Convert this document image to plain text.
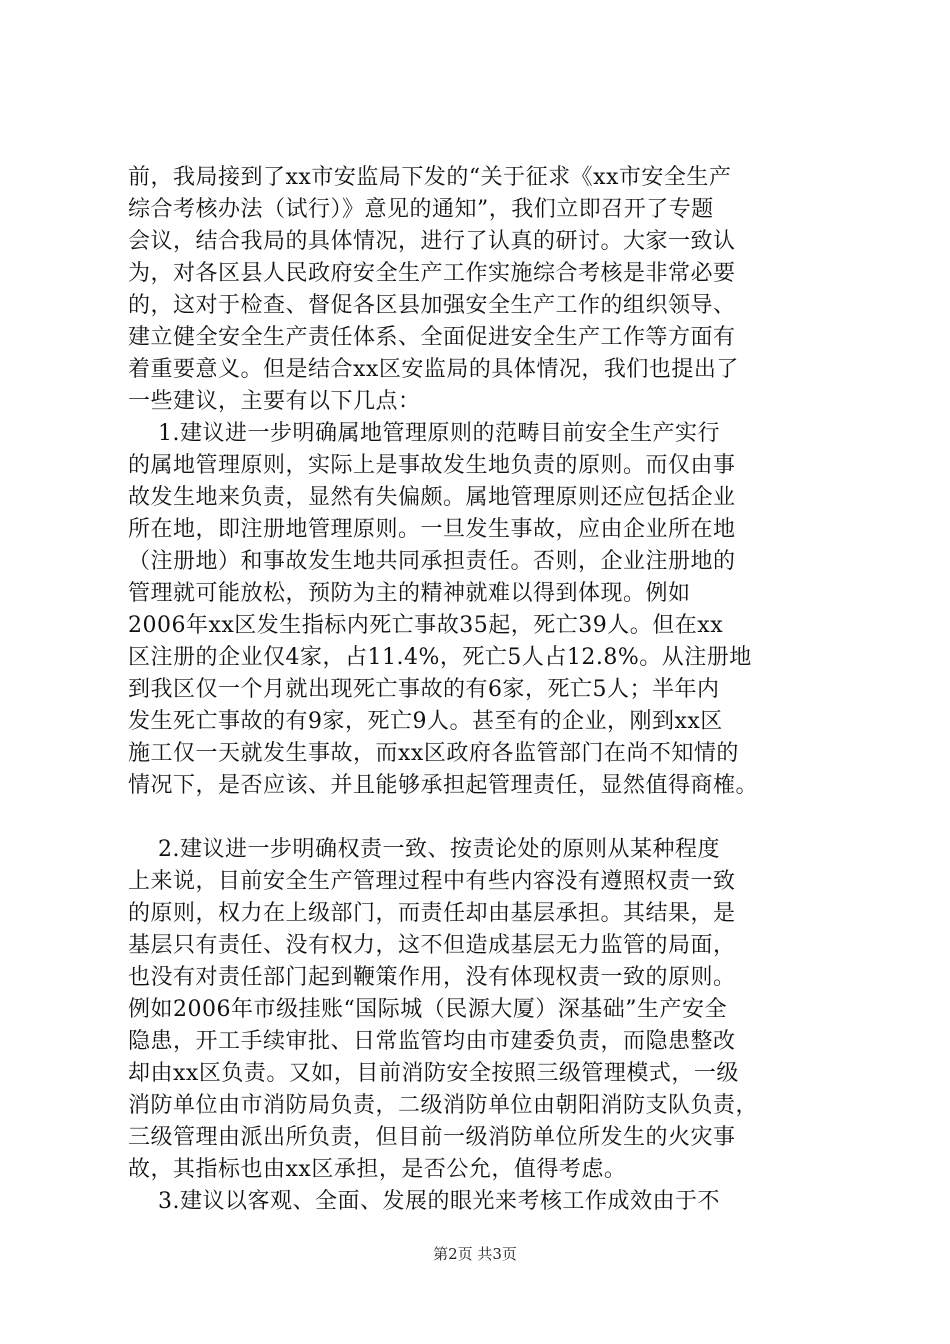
前，我局接到了xx市安监局下发的“关于征求《xx市安全生产
综合考核办法（试行）》意见的通知”，我们立即召开了专题
会议，结合我局的具体情况，进行了认真的研讨。大家一致认
为，对各区县人民政府安全生产工作实施综合考核是非常必要
的，这对于检查、督促各区县加强安全生产工作的组织领导、
建立健全安全生产责任体系、全面促进安全生产工作等方面有
着重要意义。但是结合xx区安监局的具体情况，我们也提出了
一些建议，主要有以下几点：
1.建议进一步明确属地管理原则的范畴目前安全生产实行
的属地管理原则，实际上是事故发生地负责的原则。而仅由事
故发生地来负责，显然有失偏颇。属地管理原则还应包括企业
所在地，即注册地管理原则。一旦发生事故，应由企业所在地
（注册地）和事故发生地共同承担责任。否则，企业注册地的
管理就可能放松，预防为主的精神就难以得到体现。例如
2006年xx区发生指标内死亡事故35起，死亡39人。但在xx
区注册的企业仅4家，占11.4%，死亡5人占12.8%。从注册地
到我区仅一个月就出现死亡事故的有6家，死亡5人；半年内
发生死亡事故的有9家，死亡9人。甚至有的企业，刚到xx区
施工仅一天就发生事故，而xx区政府各监管部门在尚不知情的
情况下，是否应该、并且能够承担起管理责任，显然值得商榷。
2.建议进一步明确权责一致、按责论处的原则从某种程度
上来说，目前安全生产管理过程中有些内容没有遵照权责一致
的原则，权力在上级部门，而责任却由基层承担。其结果，是
基层只有责任、没有权力，这不但造成基层无力监管的局面，
也没有对责任部门起到鞭策作用，没有体现权责一致的原则。
例如2006年市级挂账“国际城（民源大厦）深基础”生产安全
隐患，开工手续审批、日常监管均由市建委负责，而隐患整改
却由xx区负责。又如，目前消防安全按照三级管理模式，一级
消防单位由市消防局负责，二级消防单位由朝阳消防支队负责，
三级管理由派出所负责，但目前一级消防单位所发生的火灾事
故，其指标也由xx区承担，是否公允，值得考虑。
3.建议以客观、全面、发展的眼光来考核工作成效由于不
第2页 共3页
